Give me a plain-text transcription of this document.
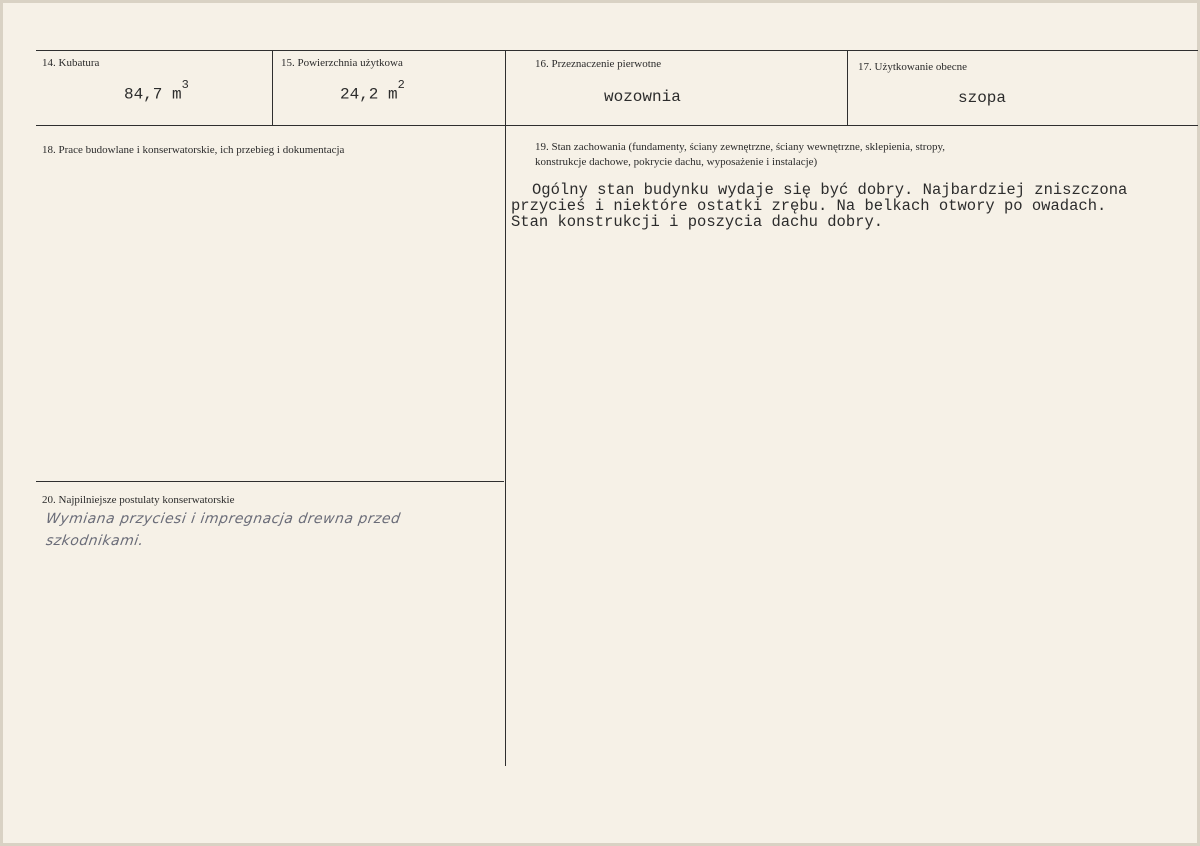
14. Kubatura
84,7 $m^3$
15. Powierzchnia użytkowa
24,2 $m^2$
16. Przeznaczenie pierwotne
wozownia
17. Użytkowanie obecne
szopa
18. Prace budowlane i konserwatorskie, ich przebieg i dokumentacja	19. Stan zachowania (fundamenty, ściany zewnętrzne, ściany wewnętrzne, sklepienia, stropy,
konstrukcje dachowe, pokrycie dachu, wyposażenie i instalacje)
Ogólny stan budynku wydaje się być dobry. Najbardziej zniszczona
przycieś i niektóre ostatki zrębu. Na belkach otwory po owadach.
Stan konstrukcji i poszycia dachu dobry.
20. Najpilniejsze postulaty konserwatorskie
Wymiana przyciesi i impregnacja drewna przed
szkodnikami.
